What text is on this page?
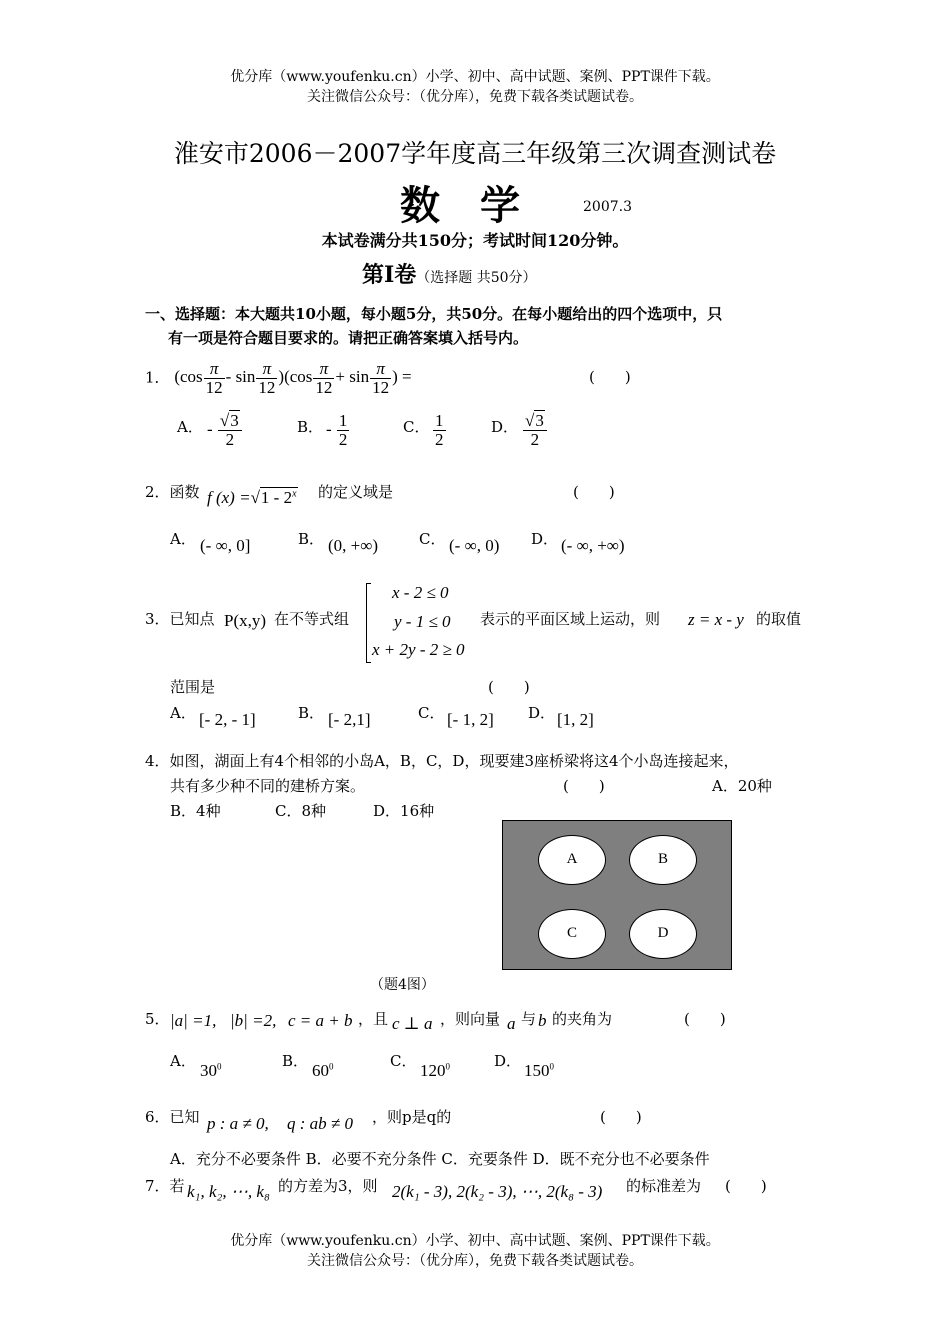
优分库（www.youfenku.cn）小学、初中、高中试题、案例、PPT课件下载。
关注微信公众号：（优分库），免费下载各类试题试卷。
淮安市2006－2007学年度高三年级第三次调查测试卷
数　学	2007.3
本试卷满分共150分；考试时间120分钟。
第Ⅰ卷（选择题 共50分）
一、选择题：本大题共10小题，每小题5分，共50分。在每小题给出的四个选项中，只
有一项是符合题目要求的。请把正确答案填入括号内。
1． $(\cos \frac{\pi}{12} - \sin \frac{\pi}{12} )(\cos \frac{\pi}{12} + \sin \frac{\pi}{12}$ ) =	(　　)
A． - $\frac{√3}{2}$	B． - $\frac{1}{2}$	C． $\frac{1}{2}$	D． $\frac{√3}{2}$
2．函数 f (x) =√1 - 2$^x$ 的定义域是	(　　)
A． (- ∞, 0]	B． (0, +∞)	C． (- ∞, 0) D． (- ∞, +∞)
3．已知点 P(x,y) 在不等式组
x - 2 ≤ 0
y - 1 ≤ 0
x + 2y - 2 ≥ 0
表示的平面区域上运动，则 z = x - y 的取值
范围是	(　　)
A． [- 2, - 1]	B． [- 2,1]	C． [- 1, 2] D． [1, 2]
4．如图，湖面上有4个相邻的小岛A，B，C，D，现要建3座桥梁将这4个小岛连接起来，
共有多少种不同的建桥方案。	(　　)	A．20种
B．4种	C．8种	D．16种
A	B
C	D
（题4图）
5． |a| =1, |b| =2, c = a + b ，且 c ⊥ a ，则向量 a 与 b 的夹角为	(　　)
A． $30^0$	B． $60^0$	C． $120^0$	D． $150^0$
6．已知 p : a ≠ 0, q : ab ≠ 0 ，则p是q的	(　　)
A．充分不必要条件 B．必要不充分条件 C．充要条件 D．既不充分也不必要条件
7．若 k₁, k₂, ⋯, k₈ 的方差为3，则 2(k₁ - 3), 2(k₂ - 3), ⋯, 2(k₈ - 3) 的标准差为 (　　)
优分库（www.youfenku.cn）小学、初中、高中试题、案例、PPT课件下载。
关注微信公众号：（优分库），免费下载各类试题试卷。
